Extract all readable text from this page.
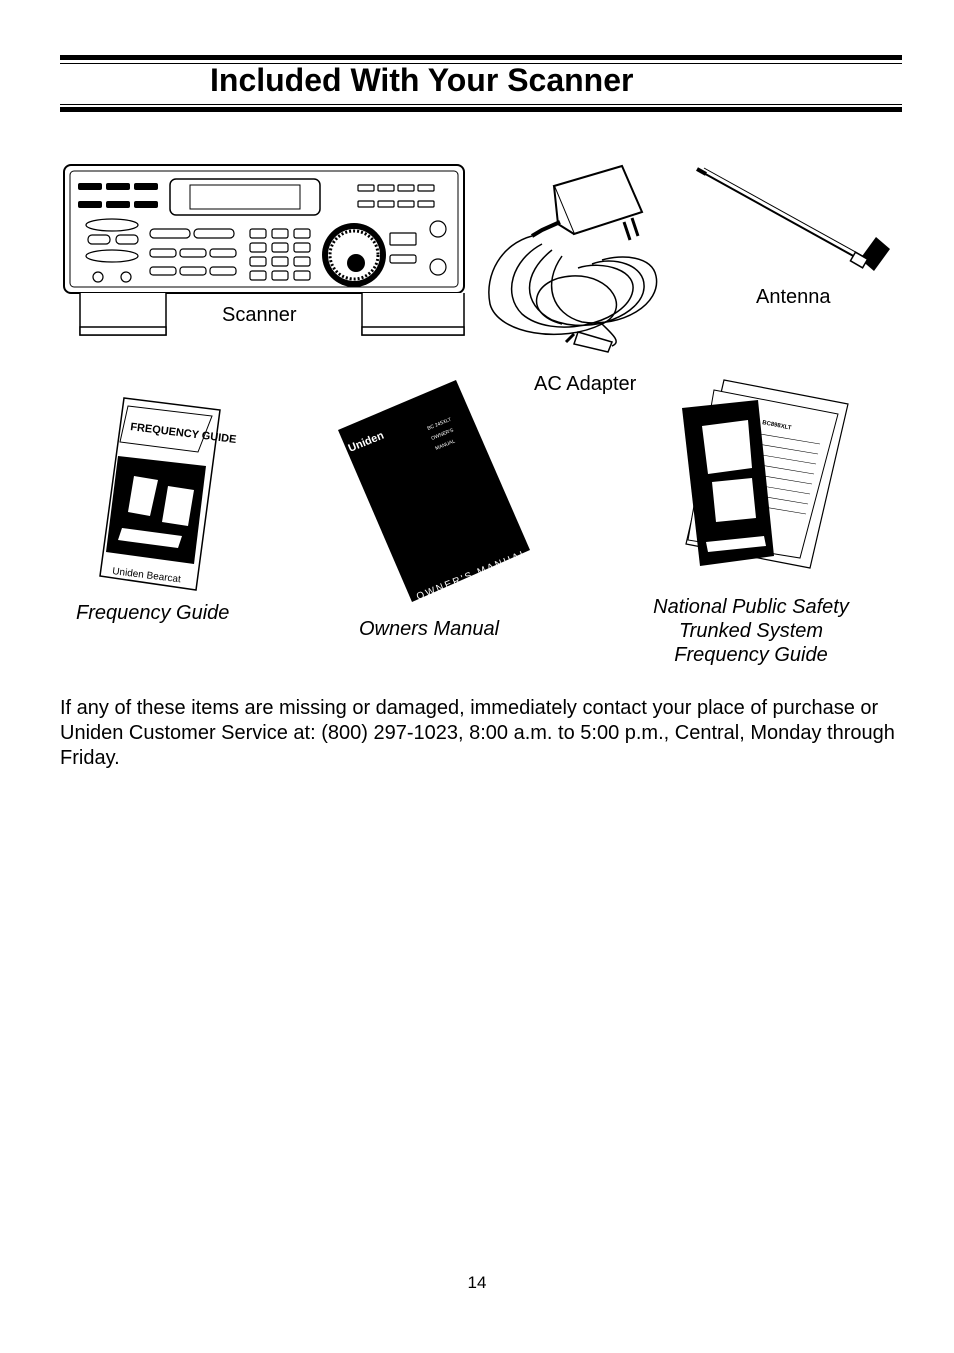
Included With Your Scanner
Scanner
AC Adapter
Antenna
FREQUENCY GUIDE
Uniden Bearcat
Frequency Guide
Uniden
BC 245XLT
OWNER'S
MANUAL
OWNER'S MANUAL
Owners Manual
BC898XLT
National Public Safety
Trunked System
Frequency Guide
If any of these items are missing or damaged, immediately contact your place of purchase or Uniden Customer Service at: (800) 297-1023, 8:00 a.m. to 5:00 p.m., Central, Monday through Friday.
14
